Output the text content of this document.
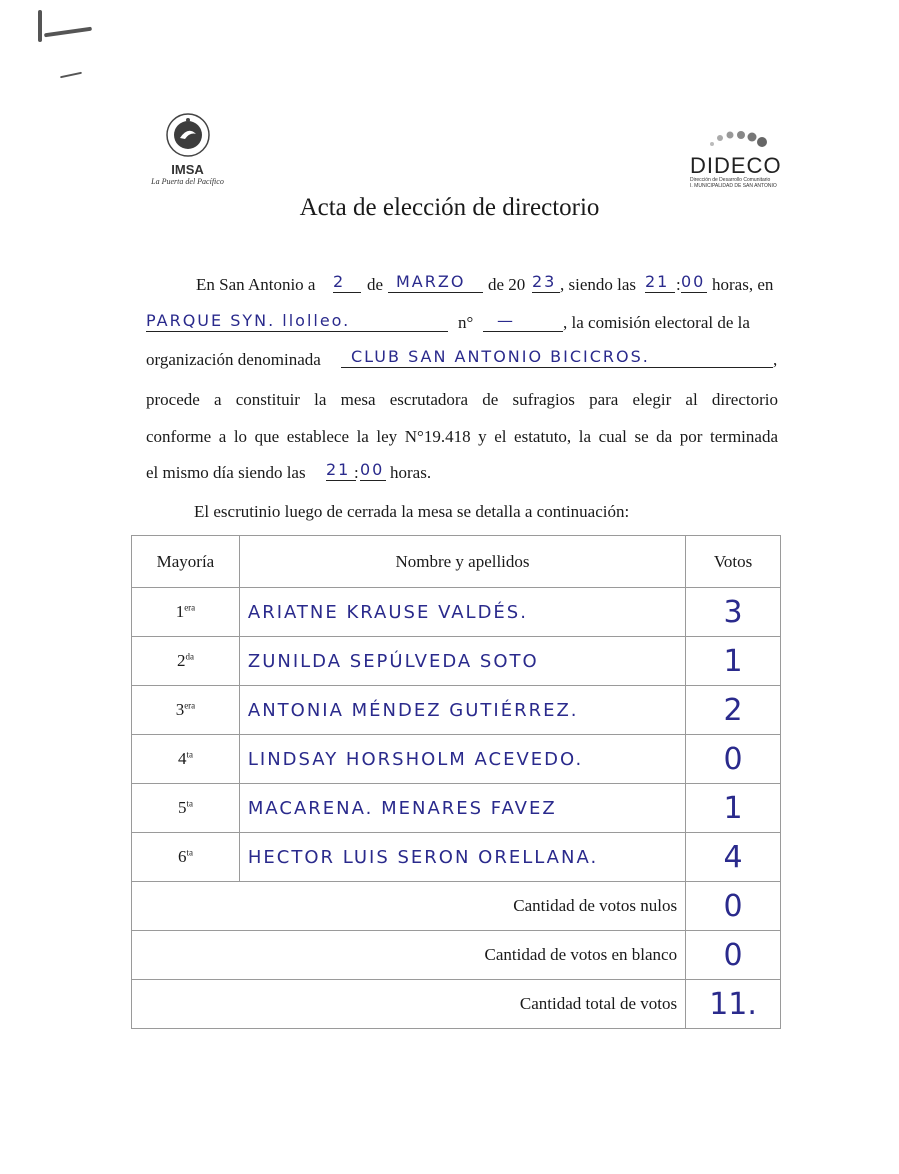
IMSA
La Puerta del Pacífico
DIDECO
Dirección de Desarrollo Comunitario
I. MUNICIPALIDAD DE SAN ANTONIO
Acta de elección de directorio
En San Antonio a 2 de MARZO de 20 23 , siendo las 21 : 00 horas, en
PARQUE SYN. llolleo.	n° —	, la comisión electoral de la
organización denominada CLUB SAN ANTONIO BICICROS.	,
procede a constituir la mesa escrutadora de sufragios para elegir al directorio
conforme a lo que establece la ley N°19.418 y el estatuto, la cual se da por terminada
el mismo día siendo las 21 : 00 horas.
El escrutinio luego de cerrada la mesa se detalla a continuación:
Mayoría	Nombre y apellidos	Votos
$1^{era}$	ARIATNE KRAUSE VALDÉS.	3
$2^{da}$	ZUNILDA SEPÚLVEDA SOTO	1
$3^{era}$	ANTONIA MÉNDEZ GUTIÉRREZ.	2
$4^{ta}$	LINDSAY HORSHOLM ACEVEDO.	0
$5^{ta}$	MACARENA. MENARES FAVEZ	1
$6^{ta}$	HECTOR LUIS SERON ORELLANA.	4
Cantidad de votos nulos		0
Cantidad de votos en blanco		0
Cantidad total de votos		11.
